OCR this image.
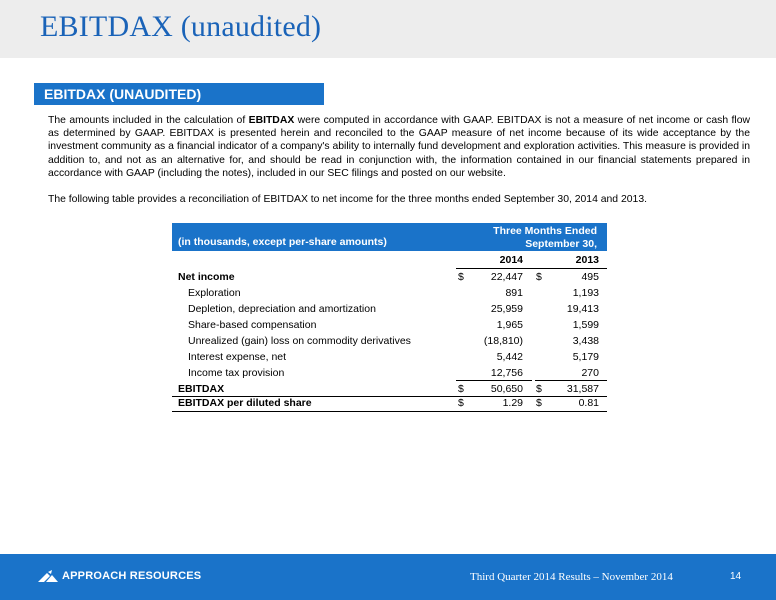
EBITDAX (unaudited)
EBITDAX (UNAUDITED)

The amounts included in the calculation of EBITDAX were computed in accordance with GAAP. EBITDAX is not a measure of net income or cash flow as determined by GAAP. EBITDAX is presented herein and reconciled to the GAAP measure of net income because of its wide acceptance by the investment community as a financial indicator of a company's ability to internally fund development and exploration activities. This measure is provided in addition to, and not as an alternative for, and should be read in conjunction with, the information contained in our financial statements prepared in accordance with GAAP (including the notes), included in our SEC filings and posted on our website.

The following table provides a reconciliation of EBITDAX to net income for the three months ended September 30, 2014 and 2013.

(in thousands, except per-share amounts)
Three Months Ended
September 30,
2014	2013
Net income	$	22,447 $	495
Exploration	891	1,193
Depletion, depreciation and amortization	25,959	19,413
Share-based compensation	1,965	1,599
Unrealized (gain) loss on commodity derivatives	(18,810)	3,438
Interest expense, net	5,442	5,179
Income tax provision	12,756	270
EBITDAX	$	50,650 $ 31,587
EBITDAX per diluted share	$	1.29 $	0.81
APPROACH RESOURCES	Third Quarter 2014 Results – November 2014	14
